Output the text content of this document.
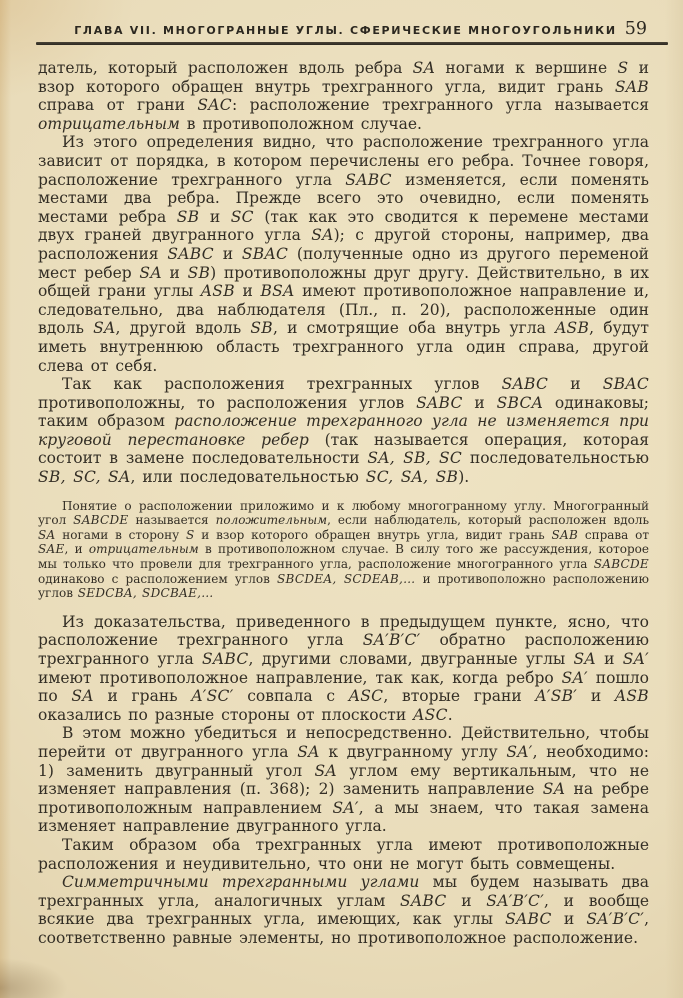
ГЛАВА VII. МНОГОГРАННЫЕ УГЛЫ. СФЕРИЧЕСКИЕ МНОГОУГОЛЬНИКИ 59

датель, который расположен вдоль ребра SA ногами к вершине S и взор которого обращен внутрь трехгранного угла, видит грань SAB справа от грани SAC: расположение трехгранного угла называется отрицательным в противоположном случае.

Из этого определения видно, что расположение трехгранного угла зависит от порядка, в котором перечислены его ребра. Точнее говоря, расположение трехгранного угла SABC изменяется, если поменять местами два ребра. Прежде всего это очевидно, если поменять местами ребра SB и SC (так как это сводится к перемене местами двух граней двугранного угла SA); с другой стороны, например, два расположения SABC и SBAC (полученные одно из другого переменой мест ребер SA и SB) противоположны друг другу. Действительно, в их общей грани углы ASB и BSA имеют противоположное направление и, следовательно, два наблюдателя (Пл., п. 20), расположенные один вдоль SA, другой вдоль SB, и смотрящие оба внутрь угла ASB, будут иметь внутреннюю область трехгранного угла один справа, другой слева от себя.

Так как расположения трехгранных углов SABC и SBAC противоположны, то расположения углов SABC и SBCA одинаковы; таким образом расположение трехгранного угла не изменяется при круговой перестановке ребер (так называется операция, которая состоит в замене последовательности SA, SB, SC последовательностью SB, SC, SA, или последовательностью SC, SA, SB).

Понятие о расположении приложимо и к любому многогранному углу. Многогранный угол SABCDE называется положительным, если наблюдатель, который расположен вдоль SA ногами в сторону S и взор которого обращен внутрь угла, видит грань SAB справа от SAE, и отрицательным в противоположном случае. В силу того же рассуждения, которое мы только что провели для трехгранного угла, расположение многогранного угла SABCDE одинаково с расположением углов SBCDEA, SCDEAB,… и противоположно расположению углов SEDCBA, SDCBAE,…

Из доказательства, приведенного в предыдущем пункте, ясно, что расположение трехгранного угла SA′B′C′ обратно расположению трехгранного угла SABC, другими словами, двугранные углы SA и SA′ имеют противоположное направление, так как, когда ребро SA′ пошло по SA и грань A′SC′ совпала с ASC, вторые грани A′SB′ и ASB оказались по разные стороны от плоскости ASC.

В этом можно убедиться и непосредственно. Действительно, чтобы перейти от двугранного угла SA к двугранному углу SA′, необходимо: 1) заменить двугранный угол SA углом ему вертикальным, что не изменяет направления (п. 368); 2) заменить направление SA на ребре противоположным направлением SA′, а мы знаем, что такая замена изменяет направление двугранного угла.

Таким образом оба трехгранных угла имеют противоположные расположения и неудивительно, что они не могут быть совмещены.

Симметричными трехгранными углами мы будем называть два трехгранных угла, аналогичных углам SABC и SA′B′C′, и вообще всякие два трехгранных угла, имеющих, как углы SABC и SA′B′C′, соответственно равные элементы, но противоположное расположение.
